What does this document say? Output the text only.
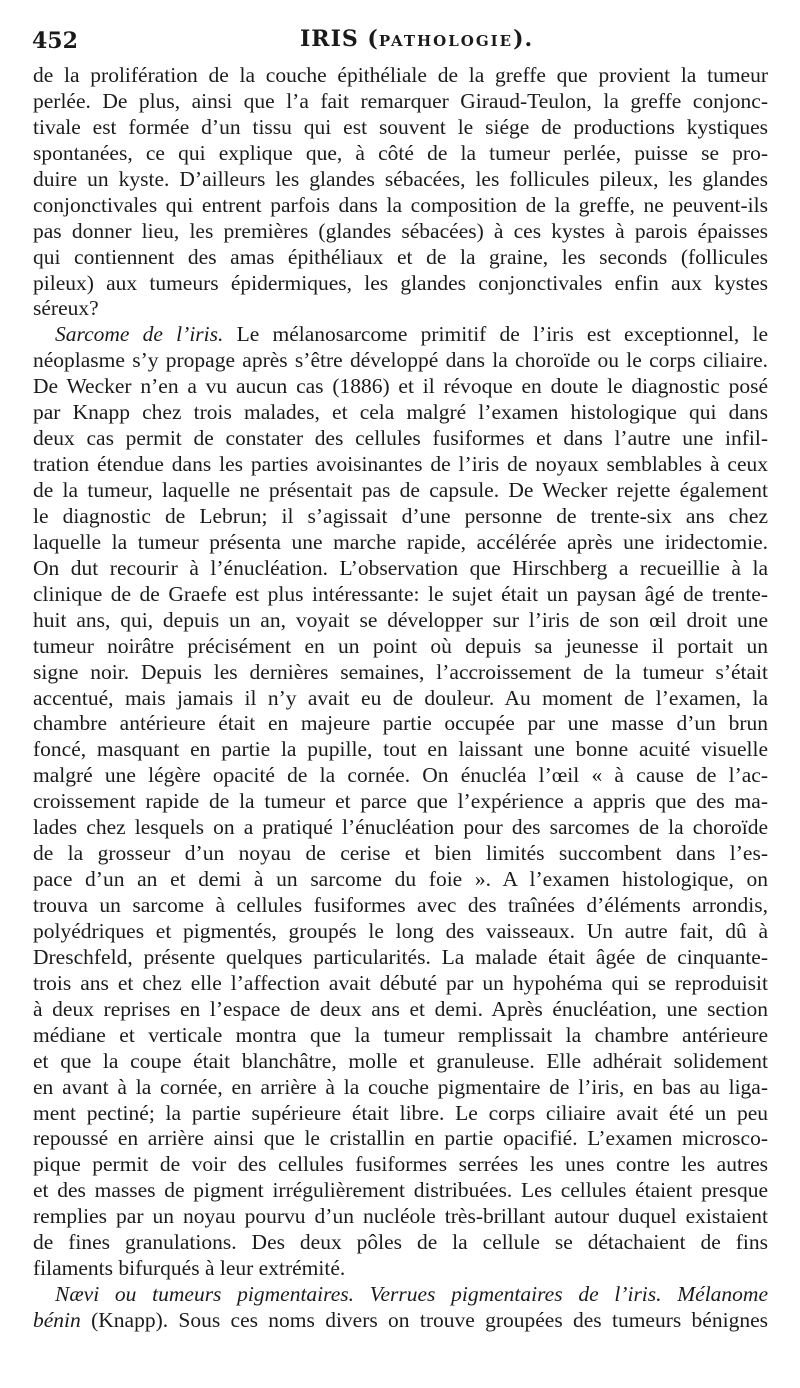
452	IRIS (PATHOLOGIE).
de la prolifération de la couche épithéliale de la greffe que provient la tumeur
perlée. De plus, ainsi que l’a fait remarquer Giraud-Teulon, la greffe conjonc-
tivale est formée d’un tissu qui est souvent le siége de productions kystiques
spontanées, ce qui explique que, à côté de la tumeur perlée, puisse se pro-
duire un kyste. D’ailleurs les glandes sébacées, les follicules pileux, les glandes
conjonctivales qui entrent parfois dans la composition de la greffe, ne peuvent-ils
pas donner lieu, les premières (glandes sébacées) à ces kystes à parois épaisses
qui contiennent des amas épithéliaux et de la graine, les seconds (follicules
pileux) aux tumeurs épidermiques, les glandes conjonctivales enfin aux kystes
séreux?
Sarcome de l’iris. Le mélanosarcome primitif de l’iris est exceptionnel, le
néoplasme s’y propage après s’être développé dans la choroïde ou le corps ciliaire.
De Wecker n’en a vu aucun cas (1886) et il révoque en doute le diagnostic posé
par Knapp chez trois malades, et cela malgré l’examen histologique qui dans
deux cas permit de constater des cellules fusiformes et dans l’autre une infil-
tration étendue dans les parties avoisinantes de l’iris de noyaux semblables à ceux
de la tumeur, laquelle ne présentait pas de capsule. De Wecker rejette également
le diagnostic de Lebrun; il s’agissait d’une personne de trente-six ans chez
laquelle la tumeur présenta une marche rapide, accélérée après une iridectomie.
On dut recourir à l’énucléation. L’observation que Hirschberg a recueillie à la
clinique de de Graefe est plus intéressante: le sujet était un paysan âgé de trente-
huit ans, qui, depuis un an, voyait se développer sur l’iris de son œil droit une
tumeur noirâtre précisément en un point où depuis sa jeunesse il portait un
signe noir. Depuis les dernières semaines, l’accroissement de la tumeur s’était
accentué, mais jamais il n’y avait eu de douleur. Au moment de l’examen, la
chambre antérieure était en majeure partie occupée par une masse d’un brun
foncé, masquant en partie la pupille, tout en laissant une bonne acuité visuelle
malgré une légère opacité de la cornée. On énucléa l’œil « à cause de l’ac-
croissement rapide de la tumeur et parce que l’expérience a appris que des ma-
lades chez lesquels on a pratiqué l’énucléation pour des sarcomes de la choroïde
de la grosseur d’un noyau de cerise et bien limités succombent dans l’es-
pace d’un an et demi à un sarcome du foie ». A l’examen histologique, on
trouva un sarcome à cellules fusiformes avec des traînées d’éléments arrondis,
polyédriques et pigmentés, groupés le long des vaisseaux. Un autre fait, dû à
Dreschfeld, présente quelques particularités. La malade était âgée de cinquante-
trois ans et chez elle l’affection avait débuté par un hypohéma qui se reproduisit
à deux reprises en l’espace de deux ans et demi. Après énucléation, une section
médiane et verticale montra que la tumeur remplissait la chambre antérieure
et que la coupe était blanchâtre, molle et granuleuse. Elle adhérait solidement
en avant à la cornée, en arrière à la couche pigmentaire de l’iris, en bas au liga-
ment pectiné; la partie supérieure était libre. Le corps ciliaire avait été un peu
repoussé en arrière ainsi que le cristallin en partie opacifié. L’examen microsco-
pique permit de voir des cellules fusiformes serrées les unes contre les autres
et des masses de pigment irrégulièrement distribuées. Les cellules étaient presque
remplies par un noyau pourvu d’un nucléole très-brillant autour duquel existaient
de fines granulations. Des deux pôles de la cellule se détachaient de fins
filaments bifurqués à leur extrémité.
Nævi ou tumeurs pigmentaires. Verrues pigmentaires de l’iris. Mélanome
bénin (Knapp). Sous ces noms divers on trouve groupées des tumeurs bénignes
